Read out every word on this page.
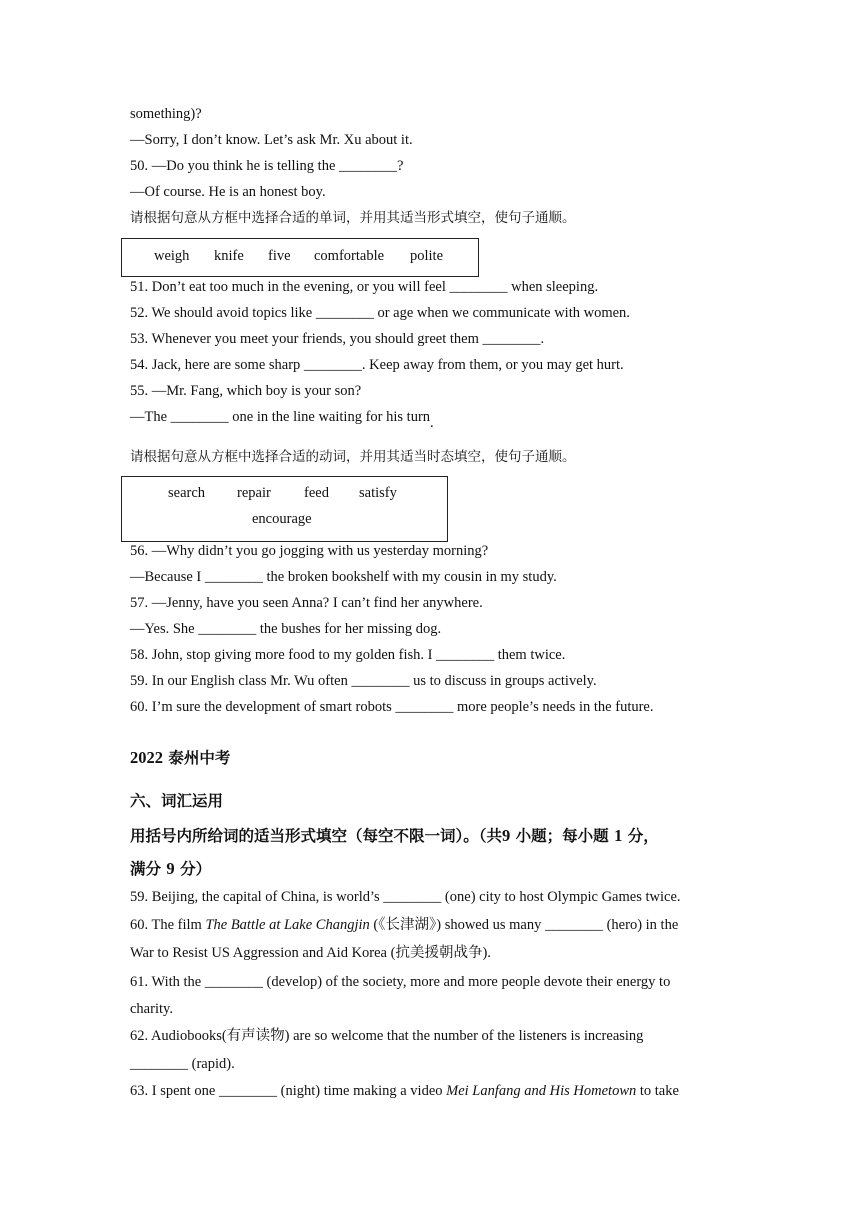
something)?
—Sorry, I don’t know. Let’s ask Mr. Xu about it.
50. —Do you think he is telling the ________?
—Of course. He is an honest boy.
请根据句意从方框中选择合适的单词，并用其适当形式填空，使句子通顺。
weigh knife five comfortable polite
51. Don’t eat too much in the evening, or you will feel ________ when sleeping.
52. We should avoid topics like ________ or age when we communicate with women.
53. Whenever you meet your friends, you should greet them ________.
54. Jack, here are some sharp ________. Keep away from them, or you may get hurt.
55. —Mr. Fang, which boy is your son?
—The ________ one in the line waiting for his turn.
请根据句意从方框中选择合适的动词，并用其适当时态填空，使句子通顺。
search repair feed satisfy
encourage
56. —Why didn’t you go jogging with us yesterday morning?
—Because I ________ the broken bookshelf with my cousin in my study.
57. —Jenny, have you seen Anna? I can’t find her anywhere.
—Yes. She ________ the bushes for her missing dog.
58. John, stop giving more food to my golden fish. I ________ them twice.
59. In our English class Mr. Wu often ________ us to discuss in groups actively.
60. I’m sure the development of smart robots ________ more people’s needs in the future.
2022 泰州中考
六、词汇运用
用括号内所给词的适当形式填空（每空不限一词）。（共9 小题；每小题 1 分，
满分 9 分）
59. Beijing, the capital of China, is world’s ________ (one) city to host Olympic Games twice.
60. The film The Battle at Lake Changjin (《长津湖》) showed us many ________ (hero) in the
War to Resist US Aggression and Aid Korea (抗美援朝战争).
61. With the ________ (develop) of the society, more and more people devote their energy to
charity.
62. Audiobooks(有声读物) are so welcome that the number of the listeners is increasing
________ (rapid).
63. I spent one ________ (night) time making a video Mei Lanfang and His Hometown to take
